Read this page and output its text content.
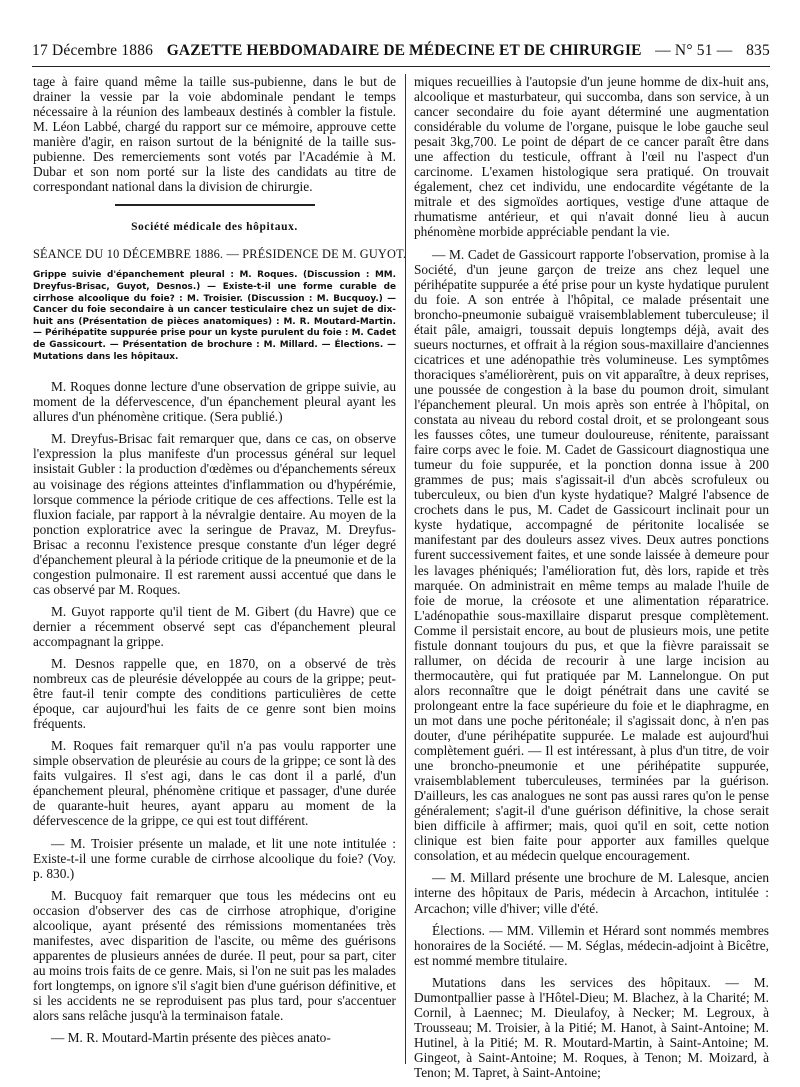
17 Décembre 1886 GAZETTE HEBDOMADAIRE DE MÉDECINE ET DE CHIRURGIE — N° 51 — 835

tage à faire quand même la taille sus-pubienne, dans le but de drainer la vessie par la voie abdominale pendant le temps nécessaire à la réunion des lambeaux destinés à combler la fistule. M. Léon Labbé, chargé du rapport sur ce mémoire, approuve cette manière d'agir, en raison surtout de la bénignité de la taille sus-pubienne. Des remerciements sont votés par l'Académie à M. Dubar et son nom porté sur la liste des candidats au titre de correspondant national dans la division de chirurgie.

Société médicale des hôpitaux.
SÉANCE DU 10 DÉCEMBRE 1886. — PRÉSIDENCE DE M. GUYOT.
Grippe suivie d'épanchement pleural : M. Roques. (Discussion : MM. Dreyfus-Brisac, Guyot, Desnos.) — Existe-t-il une forme curable de cirrhose alcoolique du foie? : M. Troisier. (Discussion : M. Bucquoy.) — Cancer du foie secondaire à un cancer testiculaire chez un sujet de dix-huit ans (Présentation de pièces anatomiques) : M. R. Moutard-Martin. — Périhépatite suppurée prise pour un kyste purulent du foie : M. Cadet de Gassicourt. — Présentation de brochure : M. Millard. — Élections. — Mutations dans les hôpitaux.

M. Roques donne lecture d'une observation de grippe suivie, au moment de la défervescence, d'un épanchement pleural ayant les allures d'un phénomène critique. (Sera publié.)

M. Dreyfus-Brisac fait remarquer que, dans ce cas, on observe l'expression la plus manifeste d'un processus général sur lequel insistait Gubler : la production d'œdèmes ou d'épanchements séreux au voisinage des régions atteintes d'inflammation ou d'hypérémie, lorsque commence la période critique de ces affections. Telle est la fluxion faciale, par rapport à la névralgie dentaire. Au moyen de la ponction exploratrice avec la seringue de Pravaz, M. Dreyfus-Brisac a reconnu l'existence presque constante d'un léger degré d'épanchement pleural à la période critique de la pneumonie et de la congestion pulmonaire. Il est rarement aussi accentué que dans le cas observé par M. Roques.

M. Guyot rapporte qu'il tient de M. Gibert (du Havre) que ce dernier a récemment observé sept cas d'épanchement pleural accompagnant la grippe.

M. Desnos rappelle que, en 1870, on a observé de très nombreux cas de pleurésie développée au cours de la grippe; peut-être faut-il tenir compte des conditions particulières de cette époque, car aujourd'hui les faits de ce genre sont bien moins fréquents.

M. Roques fait remarquer qu'il n'a pas voulu rapporter une simple observation de pleurésie au cours de la grippe; ce sont là des faits vulgaires. Il s'est agi, dans le cas dont il a parlé, d'un épanchement pleural, phénomène critique et passager, d'une durée de quarante-huit heures, ayant apparu au moment de la défervescence de la grippe, ce qui est tout différent.

— M. Troisier présente un malade, et lit une note intitulée : Existe-t-il une forme curable de cirrhose alcoolique du foie? (Voy. p. 830.)

M. Bucquoy fait remarquer que tous les médecins ont eu occasion d'observer des cas de cirrhose atrophique, d'origine alcoolique, ayant présenté des rémissions momentanées très manifestes, avec disparition de l'ascite, ou même des guérisons apparentes de plusieurs années de durée. Il peut, pour sa part, citer au moins trois faits de ce genre. Mais, si l'on ne suit pas les malades fort longtemps, on ignore s'il s'agit bien d'une guérison définitive, et si les accidents ne se reproduisent pas plus tard, pour s'accentuer alors sans relâche jusqu'à la terminaison fatale.

— M. R. Moutard-Martin présente des pièces anato-

miques recueillies à l'autopsie d'un jeune homme de dix-huit ans, alcoolique et masturbateur, qui succomba, dans son service, à un cancer secondaire du foie ayant déterminé une augmentation considérable du volume de l'organe, puisque le lobe gauche seul pesait 3kg,700. Le point de départ de ce cancer paraît être dans une affection du testicule, offrant à l'œil nu l'aspect d'un carcinome. L'examen histologique sera pratiqué. On trouvait également, chez cet individu, une endocardite végétante de la mitrale et des sigmoïdes aortiques, vestige d'une attaque de rhumatisme antérieur, et qui n'avait donné lieu à aucun phénomène morbide appréciable pendant la vie.

— M. Cadet de Gassicourt rapporte l'observation, promise à la Société, d'un jeune garçon de treize ans chez lequel une périhépatite suppurée a été prise pour un kyste hydatique purulent du foie. A son entrée à l'hôpital, ce malade présentait une broncho-pneumonie subaiguë vraisemblablement tuberculeuse; il était pâle, amaigri, toussait depuis longtemps déjà, avait des sueurs nocturnes, et offrait à la région sous-maxillaire d'anciennes cicatrices et une adénopathie très volumineuse. Les symptômes thoraciques s'améliorèrent, puis on vit apparaître, à deux reprises, une poussée de congestion à la base du poumon droit, simulant l'épanchement pleural. Un mois après son entrée à l'hôpital, on constata au niveau du rebord costal droit, et se prolongeant sous les fausses côtes, une tumeur douloureuse, rénitente, paraissant faire corps avec le foie. M. Cadet de Gassicourt diagnostiqua une tumeur du foie suppurée, et la ponction donna issue à 200 grammes de pus; mais s'agissait-il d'un abcès scrofuleux ou tuberculeux, ou bien d'un kyste hydatique? Malgré l'absence de crochets dans le pus, M. Cadet de Gassicourt inclinait pour un kyste hydatique, accompagné de péritonite localisée se manifestant par des douleurs assez vives. Deux autres ponctions furent successivement faites, et une sonde laissée à demeure pour les lavages phéniqués; l'amélioration fut, dès lors, rapide et très marquée. On administrait en même temps au malade l'huile de foie de morue, la créosote et une alimentation réparatrice. L'adénopathie sous-maxillaire disparut presque complètement. Comme il persistait encore, au bout de plusieurs mois, une petite fistule donnant toujours du pus, et que la fièvre paraissait se rallumer, on décida de recourir à une large incision au thermocautère, qui fut pratiquée par M. Lannelongue. On put alors reconnaître que le doigt pénétrait dans une cavité se prolongeant entre la face supérieure du foie et le diaphragme, en un mot dans une poche péritonéale; il s'agissait donc, à n'en pas douter, d'une périhépatite suppurée. Le malade est aujourd'hui complètement guéri. — Il est intéressant, à plus d'un titre, de voir une broncho-pneumonie et une périhépatite suppurée, vraisemblablement tuberculeuses, terminées par la guérison. D'ailleurs, les cas analogues ne sont pas aussi rares qu'on le pense généralement; s'agit-il d'une guérison définitive, la chose serait bien difficile à affirmer; mais, quoi qu'il en soit, cette notion clinique est bien faite pour apporter aux familles quelque consolation, et au médecin quelque encouragement.

— M. Millard présente une brochure de M. Lalesque, ancien interne des hôpitaux de Paris, médecin à Arcachon, intitulée : Arcachon; ville d'hiver; ville d'été.

Élections. — MM. Villemin et Hérard sont nommés membres honoraires de la Société. — M. Séglas, médecin-adjoint à Bicêtre, est nommé membre titulaire.

Mutations dans les services des hôpitaux. — M. Dumontpallier passe à l'Hôtel-Dieu; M. Blachez, à la Charité; M. Cornil, à Laennec; M. Dieulafoy, à Necker; M. Legroux, à Trousseau; M. Troisier, à la Pitié; M. Hanot, à Saint-Antoine; M. Hutinel, à la Pitié; M. R. Moutard-Martin, à Saint-Antoine; M. Gingeot, à Saint-Antoine; M. Roques, à Tenon; M. Moizard, à Tenon; M. Tapret, à Saint-Antoine;
